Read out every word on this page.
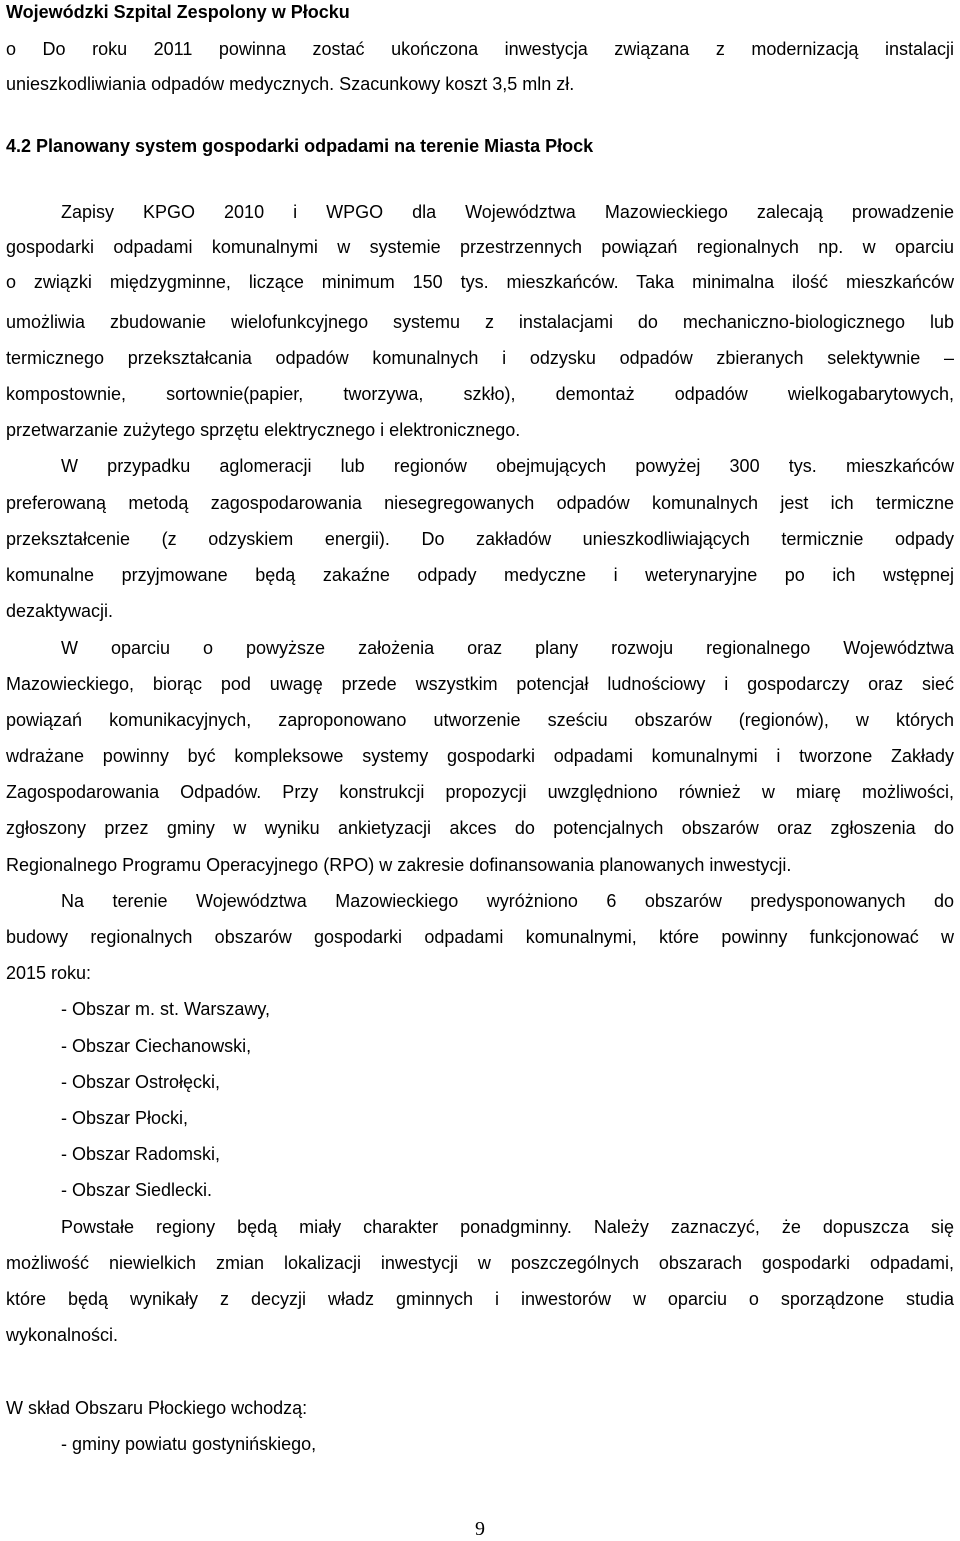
Wojewódzki Szpital Zespolony w Płocku
o Do roku 2011 powinna zostać ukończona inwestycja związana z modernizacją instalacji
unieszkodliwiania odpadów medycznych. Szacunkowy koszt 3,5 mln zł.
4.2 Planowany system gospodarki odpadami na terenie Miasta Płock
Zapisy KPGO 2010 i WPGO dla Województwa Mazowieckiego zalecają prowadzenie
gospodarki odpadami komunalnymi w systemie przestrzennych powiązań regionalnych np. w oparciu
o związki międzygminne, liczące minimum 150 tys. mieszkańców. Taka minimalna ilość mieszkańców
umożliwia zbudowanie wielofunkcyjnego systemu z instalacjami do mechaniczno-biologicznego lub
termicznego przekształcania odpadów komunalnych i odzysku odpadów zbieranych selektywnie –
kompostownie, sortownie(papier, tworzywa, szkło), demontaż odpadów wielkogabarytowych,
przetwarzanie zużytego sprzętu elektrycznego i elektronicznego.
W przypadku aglomeracji lub regionów obejmujących powyżej 300 tys. mieszkańców
preferowaną metodą zagospodarowania niesegregowanych odpadów komunalnych jest ich termiczne
przekształcenie (z odzyskiem energii). Do zakładów unieszkodliwiających termicznie odpady
komunalne przyjmowane będą zakaźne odpady medyczne i weterynaryjne po ich wstępnej
dezaktywacji.
W oparciu o powyższe założenia oraz plany rozwoju regionalnego Województwa
Mazowieckiego, biorąc pod uwagę przede wszystkim potencjał ludnościowy i gospodarczy oraz sieć
powiązań komunikacyjnych, zaproponowano utworzenie sześciu obszarów (regionów), w których
wdrażane powinny być kompleksowe systemy gospodarki odpadami komunalnymi i tworzone Zakłady
Zagospodarowania Odpadów. Przy konstrukcji propozycji uwzględniono również w miarę możliwości,
zgłoszony przez gminy w wyniku ankietyzacji akces do potencjalnych obszarów oraz zgłoszenia do
Regionalnego Programu Operacyjnego (RPO) w zakresie dofinansowania planowanych inwestycji.
Na terenie Województwa Mazowieckiego wyróżniono 6 obszarów predysponowanych do
budowy regionalnych obszarów gospodarki odpadami komunalnymi, które powinny funkcjonować w
2015 roku:
- Obszar m. st. Warszawy,
- Obszar Ciechanowski,
- Obszar Ostrołęcki,
- Obszar Płocki,
- Obszar Radomski,
- Obszar Siedlecki.
Powstałe regiony będą miały charakter ponadgminny. Należy zaznaczyć, że dopuszcza się
możliwość niewielkich zmian lokalizacji inwestycji w poszczególnych obszarach gospodarki odpadami,
które będą wynikały z decyzji władz gminnych i inwestorów w oparciu o sporządzone studia
wykonalności.
W skład Obszaru Płockiego wchodzą:
- gminy powiatu gostynińskiego,
9
